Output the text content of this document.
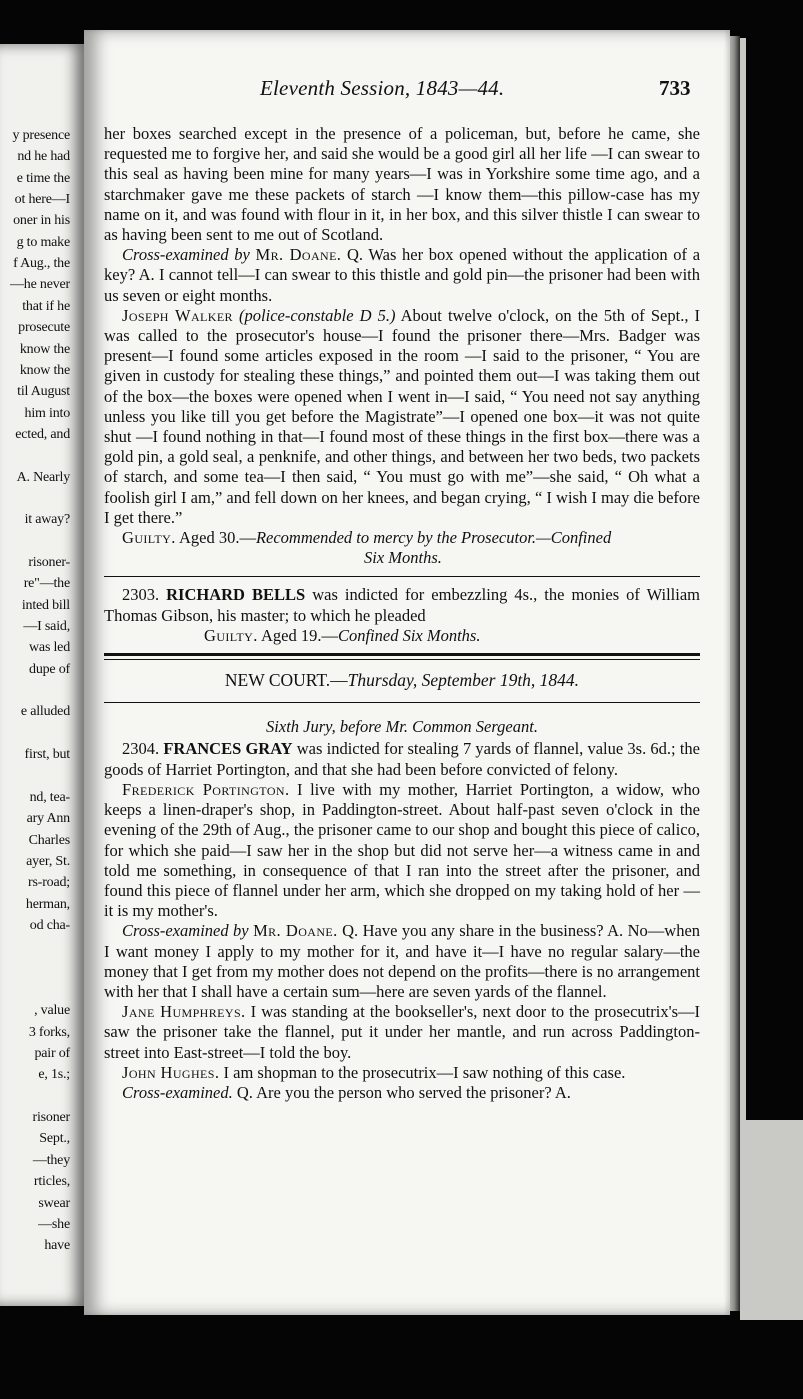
y presence
nd he had
e time the
ot here—I
oner in his
g to make
f Aug., the
—he never
that if he
prosecute
know the
know the
til August
him into
ected, and
A. Nearly
it away?
risoner-
re"—the
inted bill
—I said,
was led
dupe of
e alluded
first, but
nd, tea-
ary Ann
Charles
ayer, St.
rs-road;
herman,
od cha-
, value
3 forks,
pair of
e, 1s.;
risoner
Sept.,
—they
rticles,
swear
—she
have
Eleventh Session, 1843—44.	733

her boxes searched except in the presence of a policeman, but, before he came, she requested me to forgive her, and said she would be a good girl all her life —I can swear to this seal as having been mine for many years—I was in Yorkshire some time ago, and a starchmaker gave me these packets of starch —I know them—this pillow-case has my name on it, and was found with flour in it, in her box, and this silver thistle I can swear to as having been sent to me out of Scotland.

Cross-examined by Mr. Doane. Q. Was her box opened without the application of a key? A. I cannot tell—I can swear to this thistle and gold pin—the prisoner had been with us seven or eight months.

Joseph Walker (police-constable D 5.) About twelve o'clock, on the 5th of Sept., I was called to the prosecutor's house—I found the prisoner there—Mrs. Badger was present—I found some articles exposed in the room —I said to the prisoner, “ You are given in custody for stealing these things,” and pointed them out—I was taking them out of the box—the boxes were opened when I went in—I said, “ You need not say anything unless you like till you get before the Magistrate”—I opened one box—it was not quite shut —I found nothing in that—I found most of these things in the first box—there was a gold pin, a gold seal, a penknife, and other things, and between her two beds, two packets of starch, and some tea—I then said, “ You must go with me”—she said, “ Oh what a foolish girl I am,” and fell down on her knees, and began crying, “ I wish I may die before I get there.”

Guilty. Aged 30.—Recommended to mercy by the Prosecutor.—Confined

Six Months.

2303. RICHARD BELLS was indicted for embezzling 4s., the monies of William Thomas Gibson, his master; to which he pleaded

Guilty. Aged 19.—Confined Six Months.

NEW COURT.—Thursday, September 19th, 1844.
Sixth Jury, before Mr. Common Sergeant.

2304. FRANCES GRAY was indicted for stealing 7 yards of flannel, value 3s. 6d.; the goods of Harriet Portington, and that she had been before convicted of felony.

Frederick Portington. I live with my mother, Harriet Portington, a widow, who keeps a linen-draper's shop, in Paddington-street. About half-past seven o'clock in the evening of the 29th of Aug., the prisoner came to our shop and bought this piece of calico, for which she paid—I saw her in the shop but did not serve her—a witness came in and told me something, in consequence of that I ran into the street after the prisoner, and found this piece of flannel under her arm, which she dropped on my taking hold of her —it is my mother's.

Cross-examined by Mr. Doane. Q. Have you any share in the business? A. No—when I want money I apply to my mother for it, and have it—I have no regular salary—the money that I get from my mother does not depend on the profits—there is no arrangement with her that I shall have a certain sum—here are seven yards of the flannel.

Jane Humphreys. I was standing at the bookseller's, next door to the prosecutrix's—I saw the prisoner take the flannel, put it under her mantle, and run across Paddington-street into East-street—I told the boy.

John Hughes. I am shopman to the prosecutrix—I saw nothing of this case.

Cross-examined. Q. Are you the person who served the prisoner? A.
